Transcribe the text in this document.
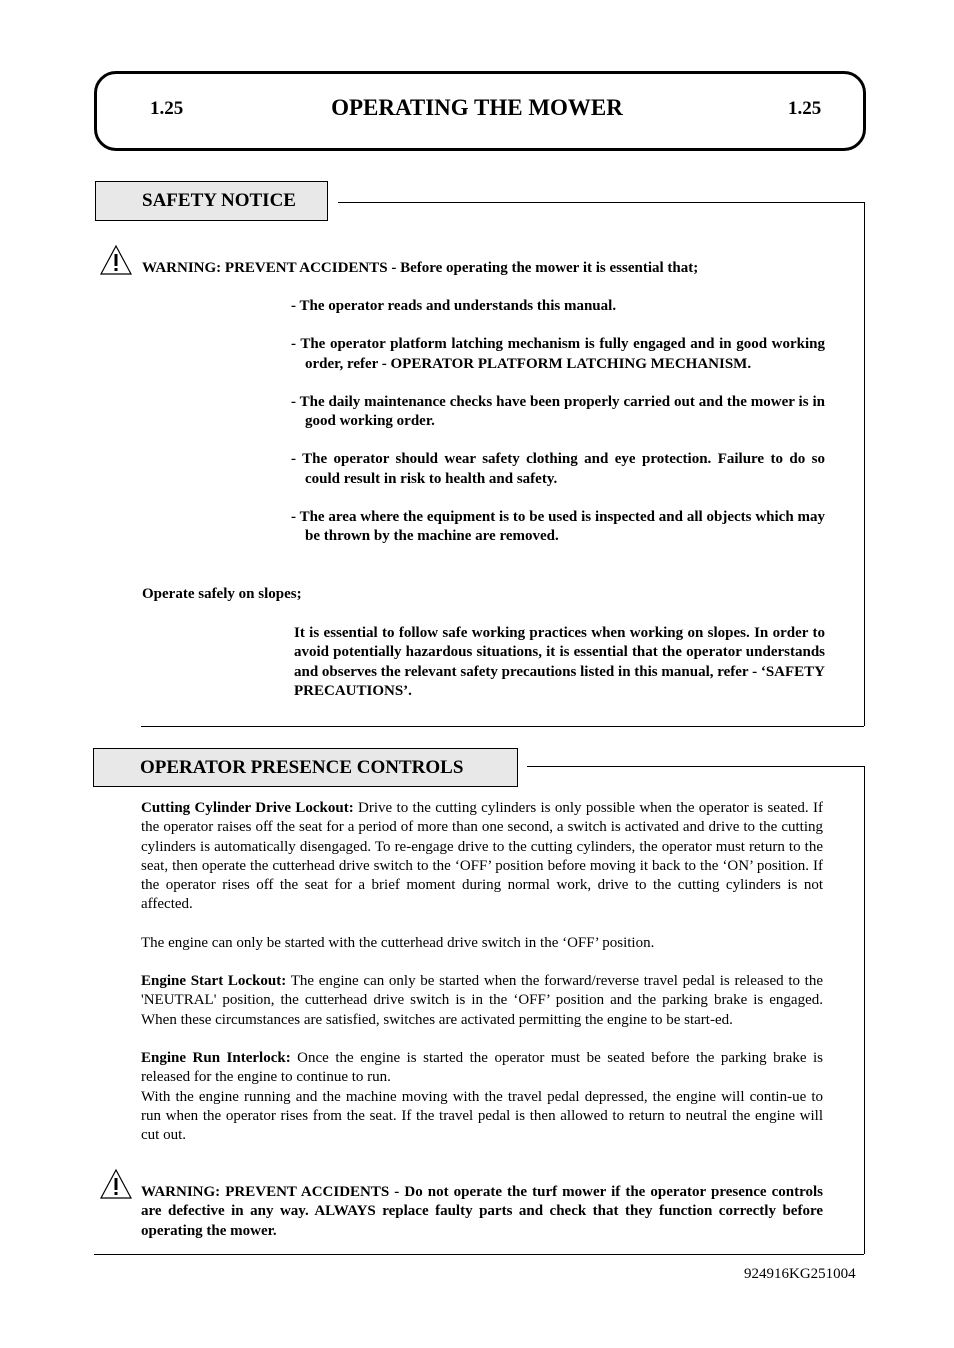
1.25	OPERATING THE MOWER	1.25
SAFETY NOTICE
WARNING: PREVENT ACCIDENTS - Before operating the mower it is essential that;

- The operator reads and understands this manual.

- The operator platform latching mechanism is fully engaged and in good working order, refer - OPERATOR PLATFORM LATCHING MECHANISM.

- The daily maintenance checks have been properly carried out and the mower is in good working order.

- The operator should wear safety clothing and eye protection. Failure to do so could result in risk to health and safety.

- The area where the equipment is to be used is inspected and all objects which may be thrown by the machine are removed.

Operate safely on slopes;
It is essential to follow safe working practices when working on slopes. In order to avoid potentially hazardous situations, it is essential that the operator understands and observes the relevant safety precautions listed in this manual, refer - ‘SAFETY PRECAUTIONS’.
OPERATOR PRESENCE CONTROLS

Cutting Cylinder Drive Lockout: Drive to the cutting cylinders is only possible when the operator is seated. If the operator raises off the seat for a period of more than one second, a switch is activated and drive to the cutting cylinders is automatically disengaged. To re-engage drive to the cutting cylinders, the operator must return to the seat, then operate the cutterhead drive switch to the ‘OFF’ position before moving it back to the ‘ON’ position. If the operator rises off the seat for a brief moment during normal work, drive to the cutting cylinders is not affected.

The engine can only be started with the cutterhead drive switch in the ‘OFF’ position.

Engine Start Lockout: The engine can only be started when the forward/reverse travel pedal is released to the 'NEUTRAL' position, the cutterhead drive switch is in the ‘OFF’ position and the parking brake is engaged. When these circumstances are satisfied, switches are activated permitting the engine to be start-ed.

Engine Run Interlock: Once the engine is started the operator must be seated before the parking brake is released for the engine to continue to run.

With the engine running and the machine moving with the travel pedal depressed, the engine will contin-ue to run when the operator rises from the seat. If the travel pedal is then allowed to return to neutral the engine will cut out.

WARNING: PREVENT ACCIDENTS - Do not operate the turf mower if the operator presence controls are defective in any way. ALWAYS replace faulty parts and check that they function correctly before operating the mower.
924916KG251004
